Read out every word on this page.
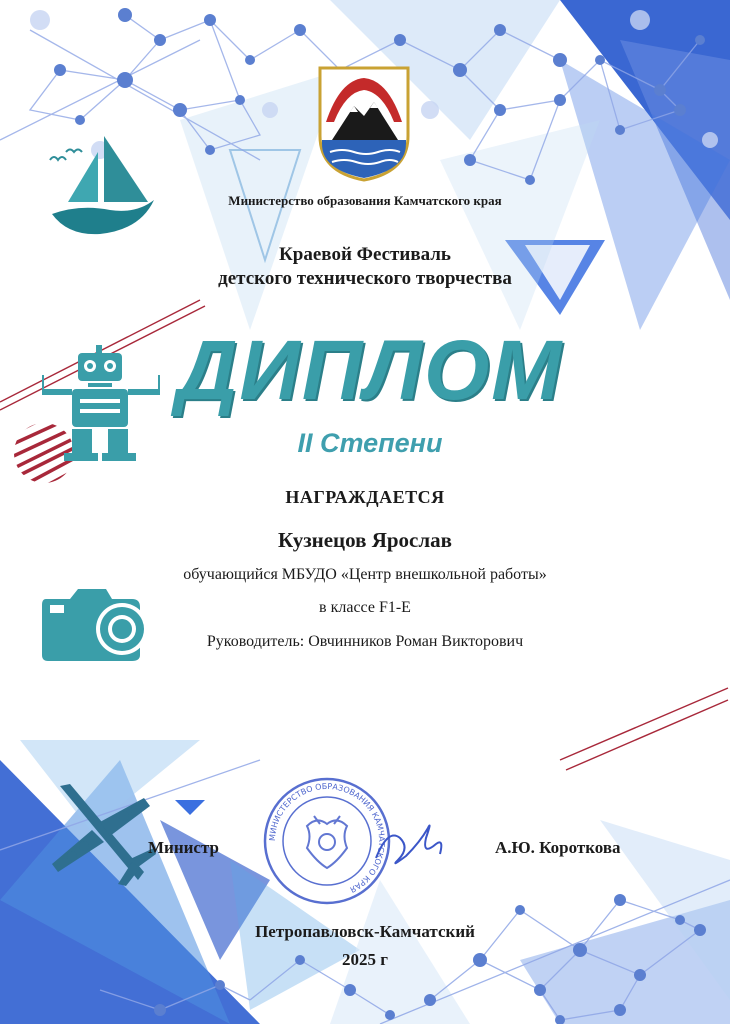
Министерство образования Камчатского края
Краевой Фестиваль
детского технического творчества
ДИПЛОМ
II Степени
НАГРАЖДАЕТСЯ
Кузнецов Ярослав
обучающийся МБУДО «Центр внешкольной работы»
в классе F1-E
Руководитель: Овчинников Роман Викторович
МИНИСТЕРСТВО ОБРАЗОВАНИЯ КАМЧАТСКОГО КРАЯ
Министр	А.Ю. Короткова
Петропавловск-Камчатский
2025 г
